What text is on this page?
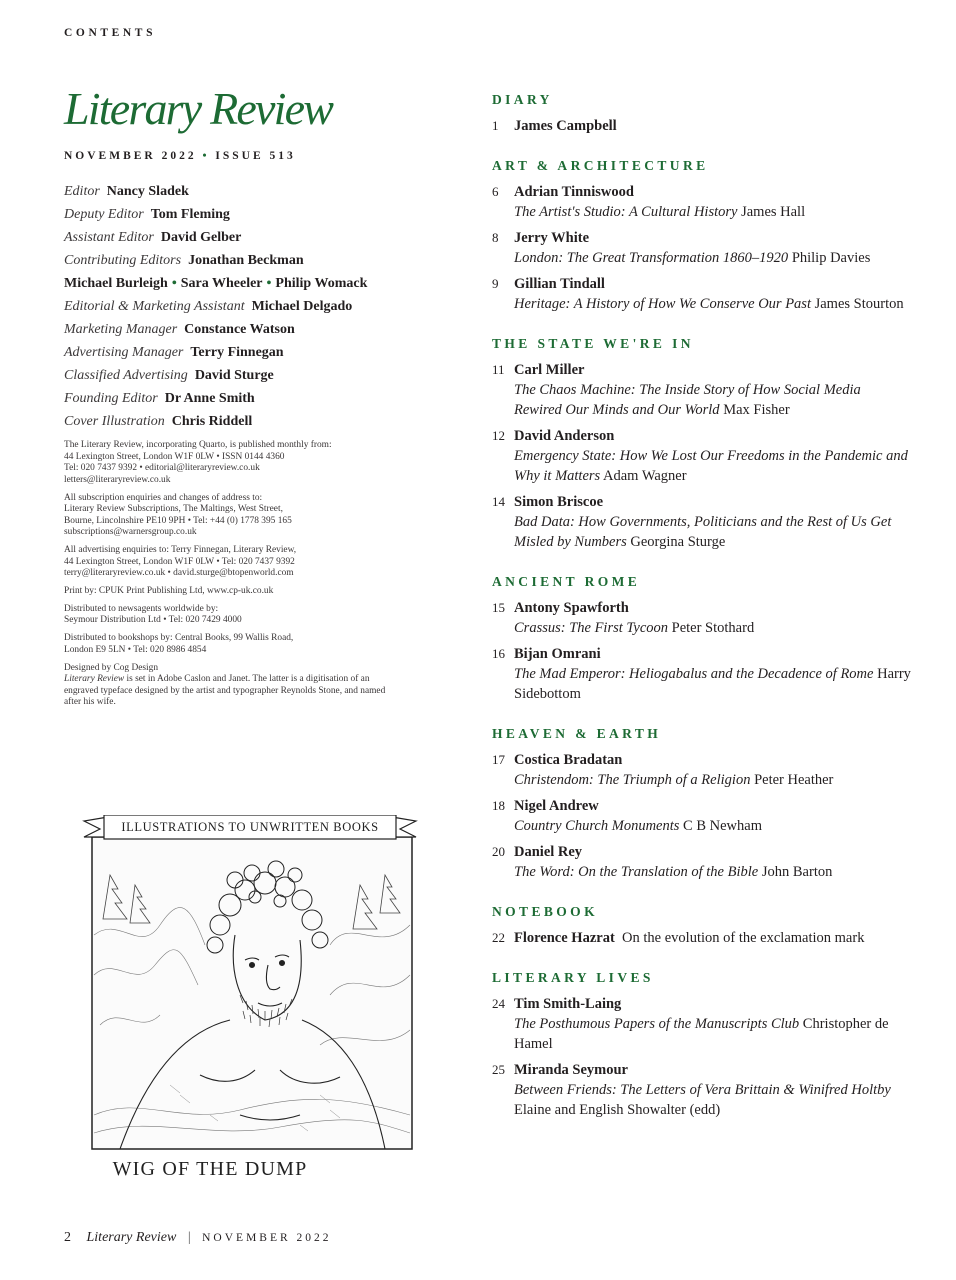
CONTENTS
Literary Review
NOVEMBER 2022 • ISSUE 513
Editor Nancy Sladek
Deputy Editor Tom Fleming
Assistant Editor David Gelber
Contributing Editors Jonathan Beckman
Michael Burleigh • Sara Wheeler • Philip Womack
Editorial & Marketing Assistant Michael Delgado
Marketing Manager Constance Watson
Advertising Manager Terry Finnegan
Classified Advertising David Sturge
Founding Editor Dr Anne Smith
Cover Illustration Chris Riddell

The Literary Review, incorporating Quarto, is published monthly from:
44 Lexington Street, London W1F 0LW • ISSN 0144 4360
Tel: 020 7437 9392 • editorial@literaryreview.co.uk
letters@literaryreview.co.uk

All subscription enquiries and changes of address to:
Literary Review Subscriptions, The Maltings, West Street,
Bourne, Lincolnshire PE10 9PH • Tel: +44 (0) 1778 395 165
subscriptions@warnersgroup.co.uk

All advertising enquiries to: Terry Finnegan, Literary Review,
44 Lexington Street, London W1F 0LW • Tel: 020 7437 9392
terry@literaryreview.co.uk • david.sturge@btopenworld.com

Print by: CPUK Print Publishing Ltd, www.cp-uk.co.uk

Distributed to newsagents worldwide by:
Seymour Distribution Ltd • Tel: 020 7429 4000

Distributed to bookshops by: Central Books, 99 Wallis Road,
London E9 5LN • Tel: 020 8986 4854

Designed by Cog Design
Literary Review is set in Adobe Caslon and Janet. The latter is a digitisation of an engraved typeface designed by the artist and typographer Reynolds Stone, and named after his wife.

ILLUSTRATIONS TO UNWRITTEN BOOKS
WIG OF THE DUMP
DIARY
1	James Campbell
ART & ARCHITECTURE
6	Adrian Tinniswood
The Artist's Studio: A Cultural History James Hall
8	Jerry White
London: The Great Transformation 1860–1920 Philip Davies
9	Gillian Tindall
Heritage: A History of How We Conserve Our Past James Stourton
THE STATE WE'RE IN
11 Carl Miller
The Chaos Machine: The Inside Story of How Social Media Rewired Our Minds and Our World Max Fisher
12 David Anderson
Emergency State: How We Lost Our Freedoms in the Pandemic and Why it Matters Adam Wagner
14 Simon Briscoe
Bad Data: How Governments, Politicians and the Rest of Us Get Misled by Numbers Georgina Sturge
ANCIENT ROME
15 Antony Spawforth
Crassus: The First Tycoon Peter Stothard
16 Bijan Omrani
The Mad Emperor: Heliogabalus and the Decadence of Rome Harry Sidebottom
HEAVEN & EARTH
17 Costica Bradatan
Christendom: The Triumph of a Religion Peter Heather
18 Nigel Andrew
Country Church Monuments C B Newham
20 Daniel Rey
The Word: On the Translation of the Bible John Barton
NOTEBOOK
22 Florence Hazrat On the evolution of the exclamation mark
LITERARY LIVES
24 Tim Smith-Laing
The Posthumous Papers of the Manuscripts Club Christopher de Hamel
25 Miranda Seymour
Between Friends: The Letters of Vera Brittain & Winifred Holtby Elaine and English Showalter (edd)
2 Literary Review | NOVEMBER 2022
